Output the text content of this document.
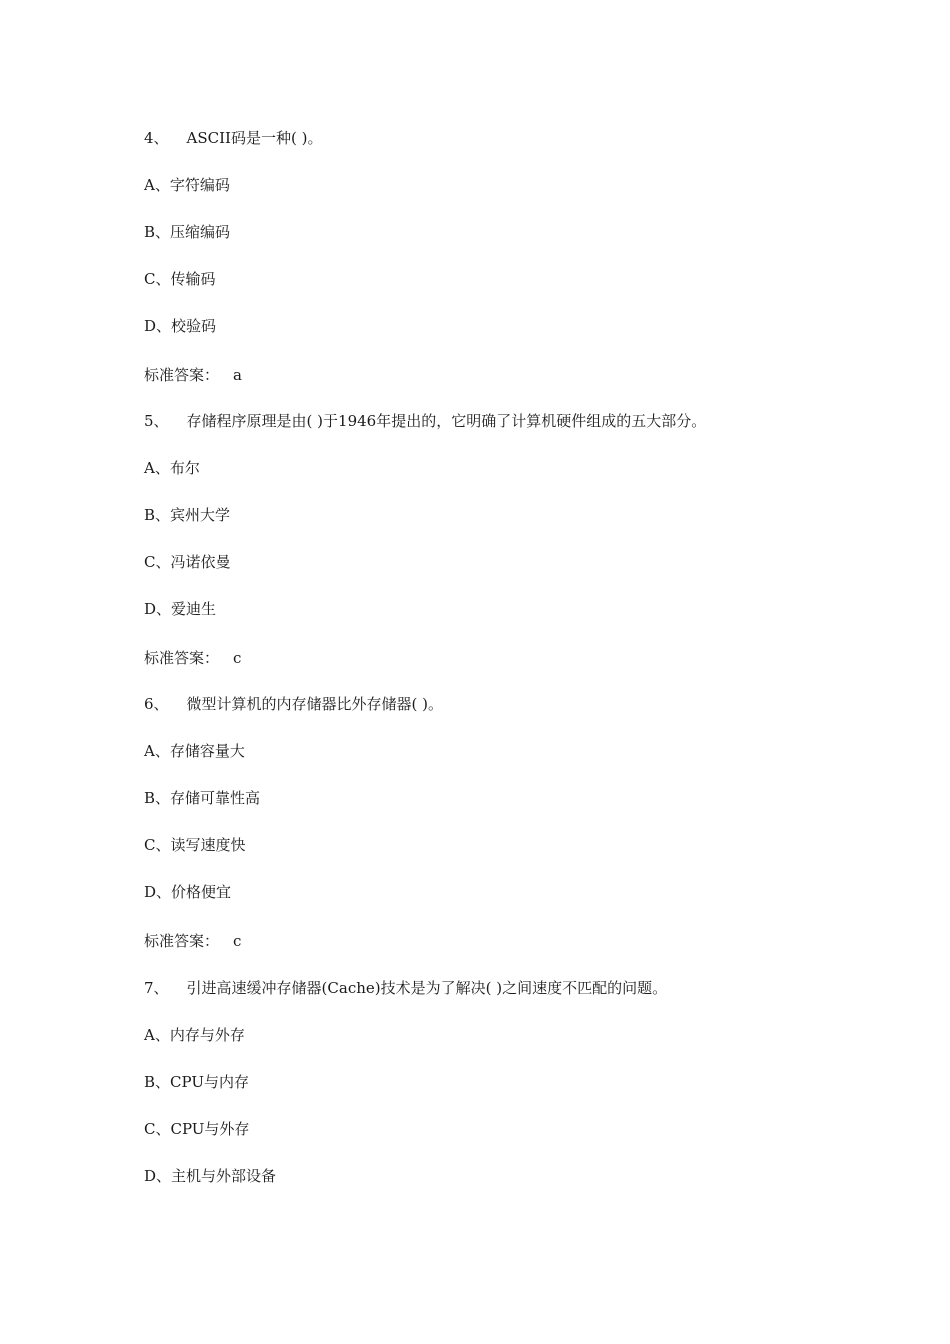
4、 ASCII码是一种( )。

A、字符编码

B、压缩编码

C、传输码

D、校验码

标准答案： a

5、 存储程序原理是由( )于1946年提出的，它明确了计算机硬件组成的五大部分。

A、布尔

B、宾州大学

C、冯诺依曼

D、爱迪生

标准答案： c

6、 微型计算机的内存储器比外存储器( )。

A、存储容量大

B、存储可靠性高

C、读写速度快

D、价格便宜

标准答案： c

7、 引进高速缓冲存储器(Cache)技术是为了解决( )之间速度不匹配的问题。

A、内存与外存

B、CPU与内存

C、CPU与外存

D、主机与外部设备
